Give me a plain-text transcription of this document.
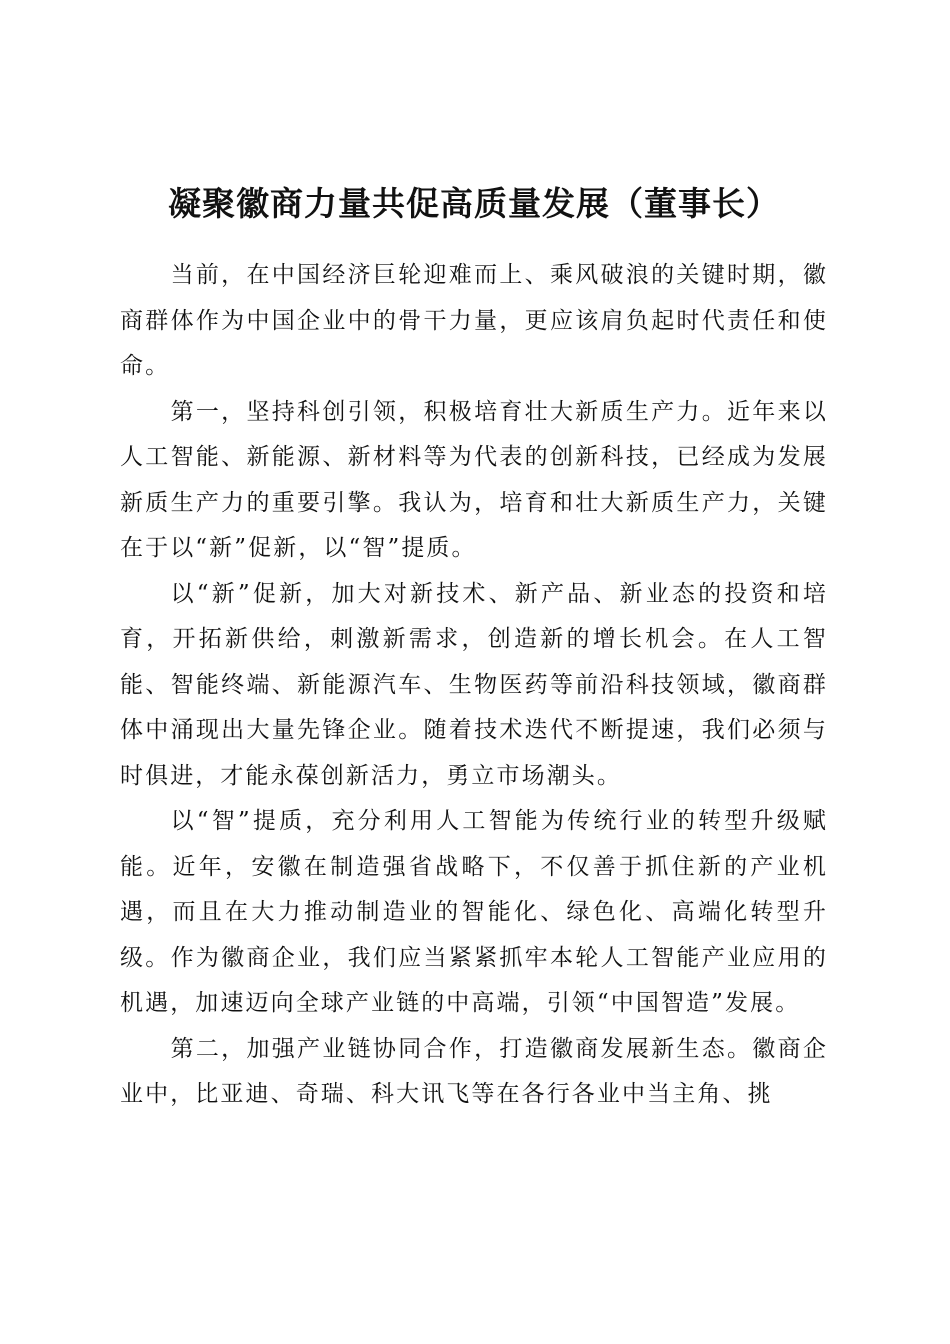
凝聚徽商力量共促高质量发展（董事长）

当前，在中国经济巨轮迎难而上、乘风破浪的关键时期，徽商群体作为中国企业中的骨干力量，更应该肩负起时代责任和使命。

第一，坚持科创引领，积极培育壮大新质生产力。近年来以人工智能、新能源、新材料等为代表的创新科技，已经成为发展新质生产力的重要引擎。我认为，培育和壮大新质生产力，关键在于以“新”促新，以“智”提质。

以“新”促新，加大对新技术、新产品、新业态的投资和培育，开拓新供给，刺激新需求，创造新的增长机会。在人工智能、智能终端、新能源汽车、生物医药等前沿科技领域，徽商群体中涌现出大量先锋企业。随着技术迭代不断提速，我们必须与时俱进，才能永葆创新活力，勇立市场潮头。

以“智”提质，充分利用人工智能为传统行业的转型升级赋能。近年，安徽在制造强省战略下，不仅善于抓住新的产业机遇，而且在大力推动制造业的智能化、绿色化、高端化转型升级。作为徽商企业，我们应当紧紧抓牢本轮人工智能产业应用的机遇，加速迈向全球产业链的中高端，引领“中国智造”发展。

第二，加强产业链协同合作，打造徽商发展新生态。徽商企业中，比亚迪、奇瑞、科大讯飞等在各行各业中当主角、挑
